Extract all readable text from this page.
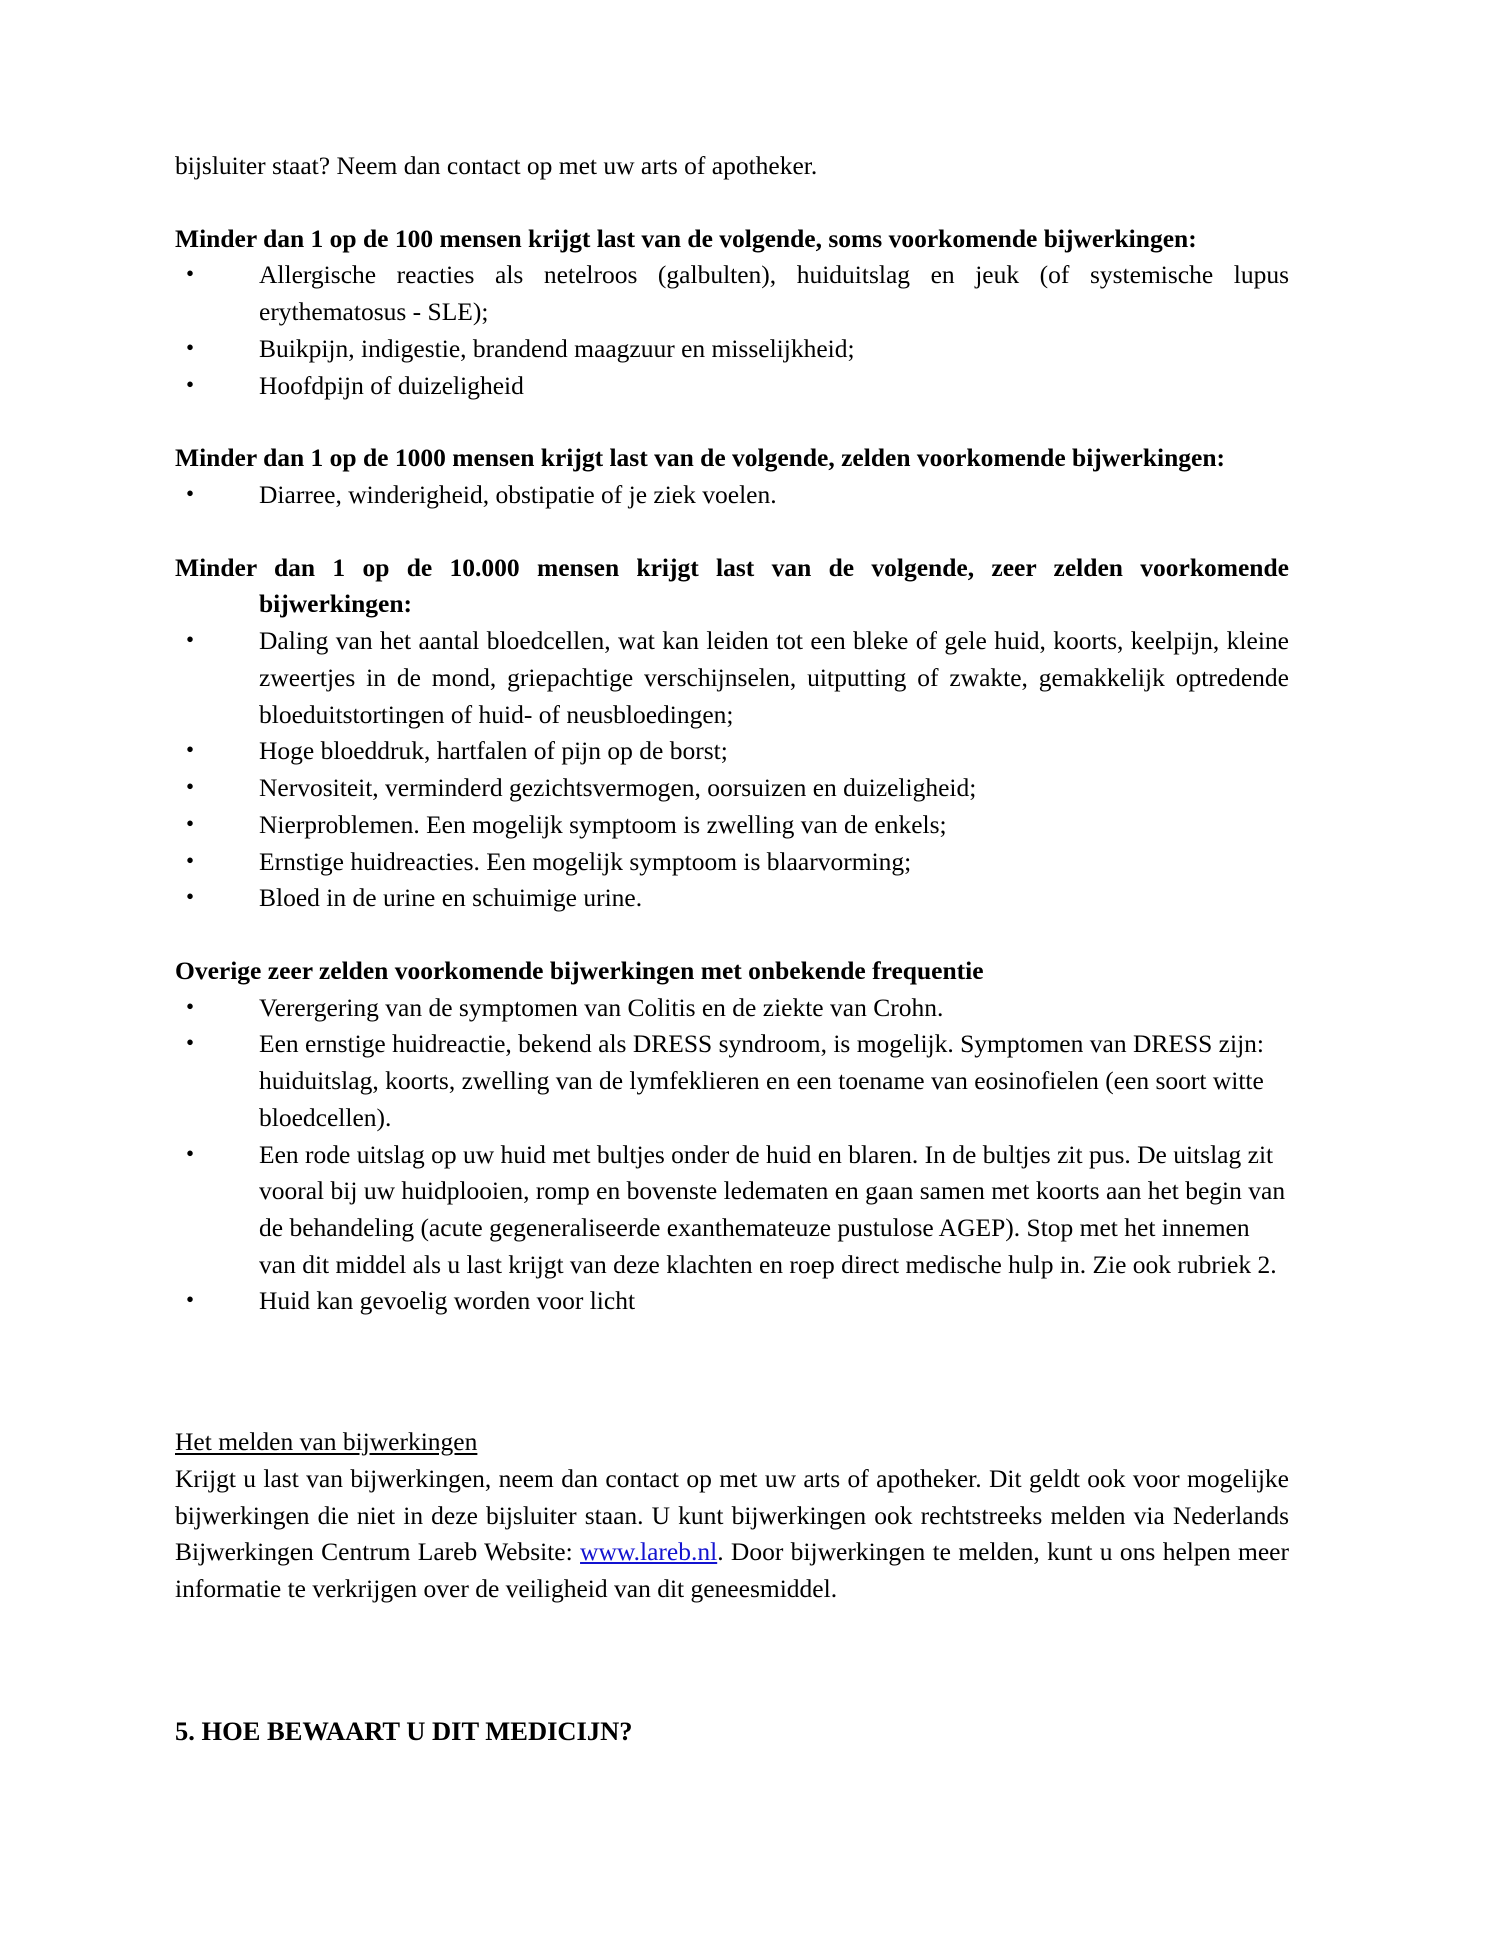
bijsluiter staat? Neem dan contact op met uw arts of apotheker.

Minder dan 1 op de 100 mensen krijgt last van de volgende, soms voorkomende bijwerkingen:
•	Allergische reacties als netelroos (galbulten), huiduitslag en jeuk (of systemische lupus erythematosus - SLE);
•	Buikpijn, indigestie, brandend maagzuur en misselijkheid;
•	Hoofdpijn of duizeligheid
Minder dan 1 op de 1000 mensen krijgt last van de volgende, zelden voorkomende bijwerkingen:
•	Diarree, winderigheid, obstipatie of je ziek voelen.
Minder dan 1 op de 10.000 mensen krijgt last van de volgende, zeer zelden voorkomende
bijwerkingen:
•	Daling van het aantal bloedcellen, wat kan leiden tot een bleke of gele huid, koorts, keelpijn, kleine zweertjes in de mond, griepachtige verschijnselen, uitputting of zwakte, gemakkelijk optredende bloeduitstortingen of huid- of neusbloedingen;
•	Hoge bloeddruk, hartfalen of pijn op de borst;
•	Nervositeit, verminderd gezichtsvermogen, oorsuizen en duizeligheid;
•	Nierproblemen. Een mogelijk symptoom is zwelling van de enkels;
•	Ernstige huidreacties. Een mogelijk symptoom is blaarvorming;
•	Bloed in de urine en schuimige urine.
Overige zeer zelden voorkomende bijwerkingen met onbekende frequentie
•	Verergering van de symptomen van Colitis en de ziekte van Crohn.
•	Een ernstige huidreactie, bekend als DRESS syndroom, is mogelijk. Symptomen van DRESS zijn: huiduitslag, koorts, zwelling van de lymfeklieren en een toename van eosinofielen (een soort witte bloedcellen).
•	Een rode uitslag op uw huid met bultjes onder de huid en blaren. In de bultjes zit pus. De uitslag zit vooral bij uw huidplooien, romp en bovenste ledematen en gaan samen met koorts aan het begin van de behandeling (acute gegeneraliseerde exanthemateuze pustulose AGEP). Stop met het innemen van dit middel als u last krijgt van deze klachten en roep direct medische hulp in. Zie ook rubriek 2.
•	Huid kan gevoelig worden voor licht
Het melden van bijwerkingen

Krijgt u last van bijwerkingen, neem dan contact op met uw arts of apotheker. Dit geldt ook voor mogelijke bijwerkingen die niet in deze bijsluiter staan. U kunt bijwerkingen ook rechtstreeks melden via Nederlands Bijwerkingen Centrum Lareb Website: www.lareb.nl. Door bijwerkingen te melden, kunt u ons helpen meer informatie te verkrijgen over de veiligheid van dit geneesmiddel.

5. HOE BEWAART U DIT MEDICIJN?
